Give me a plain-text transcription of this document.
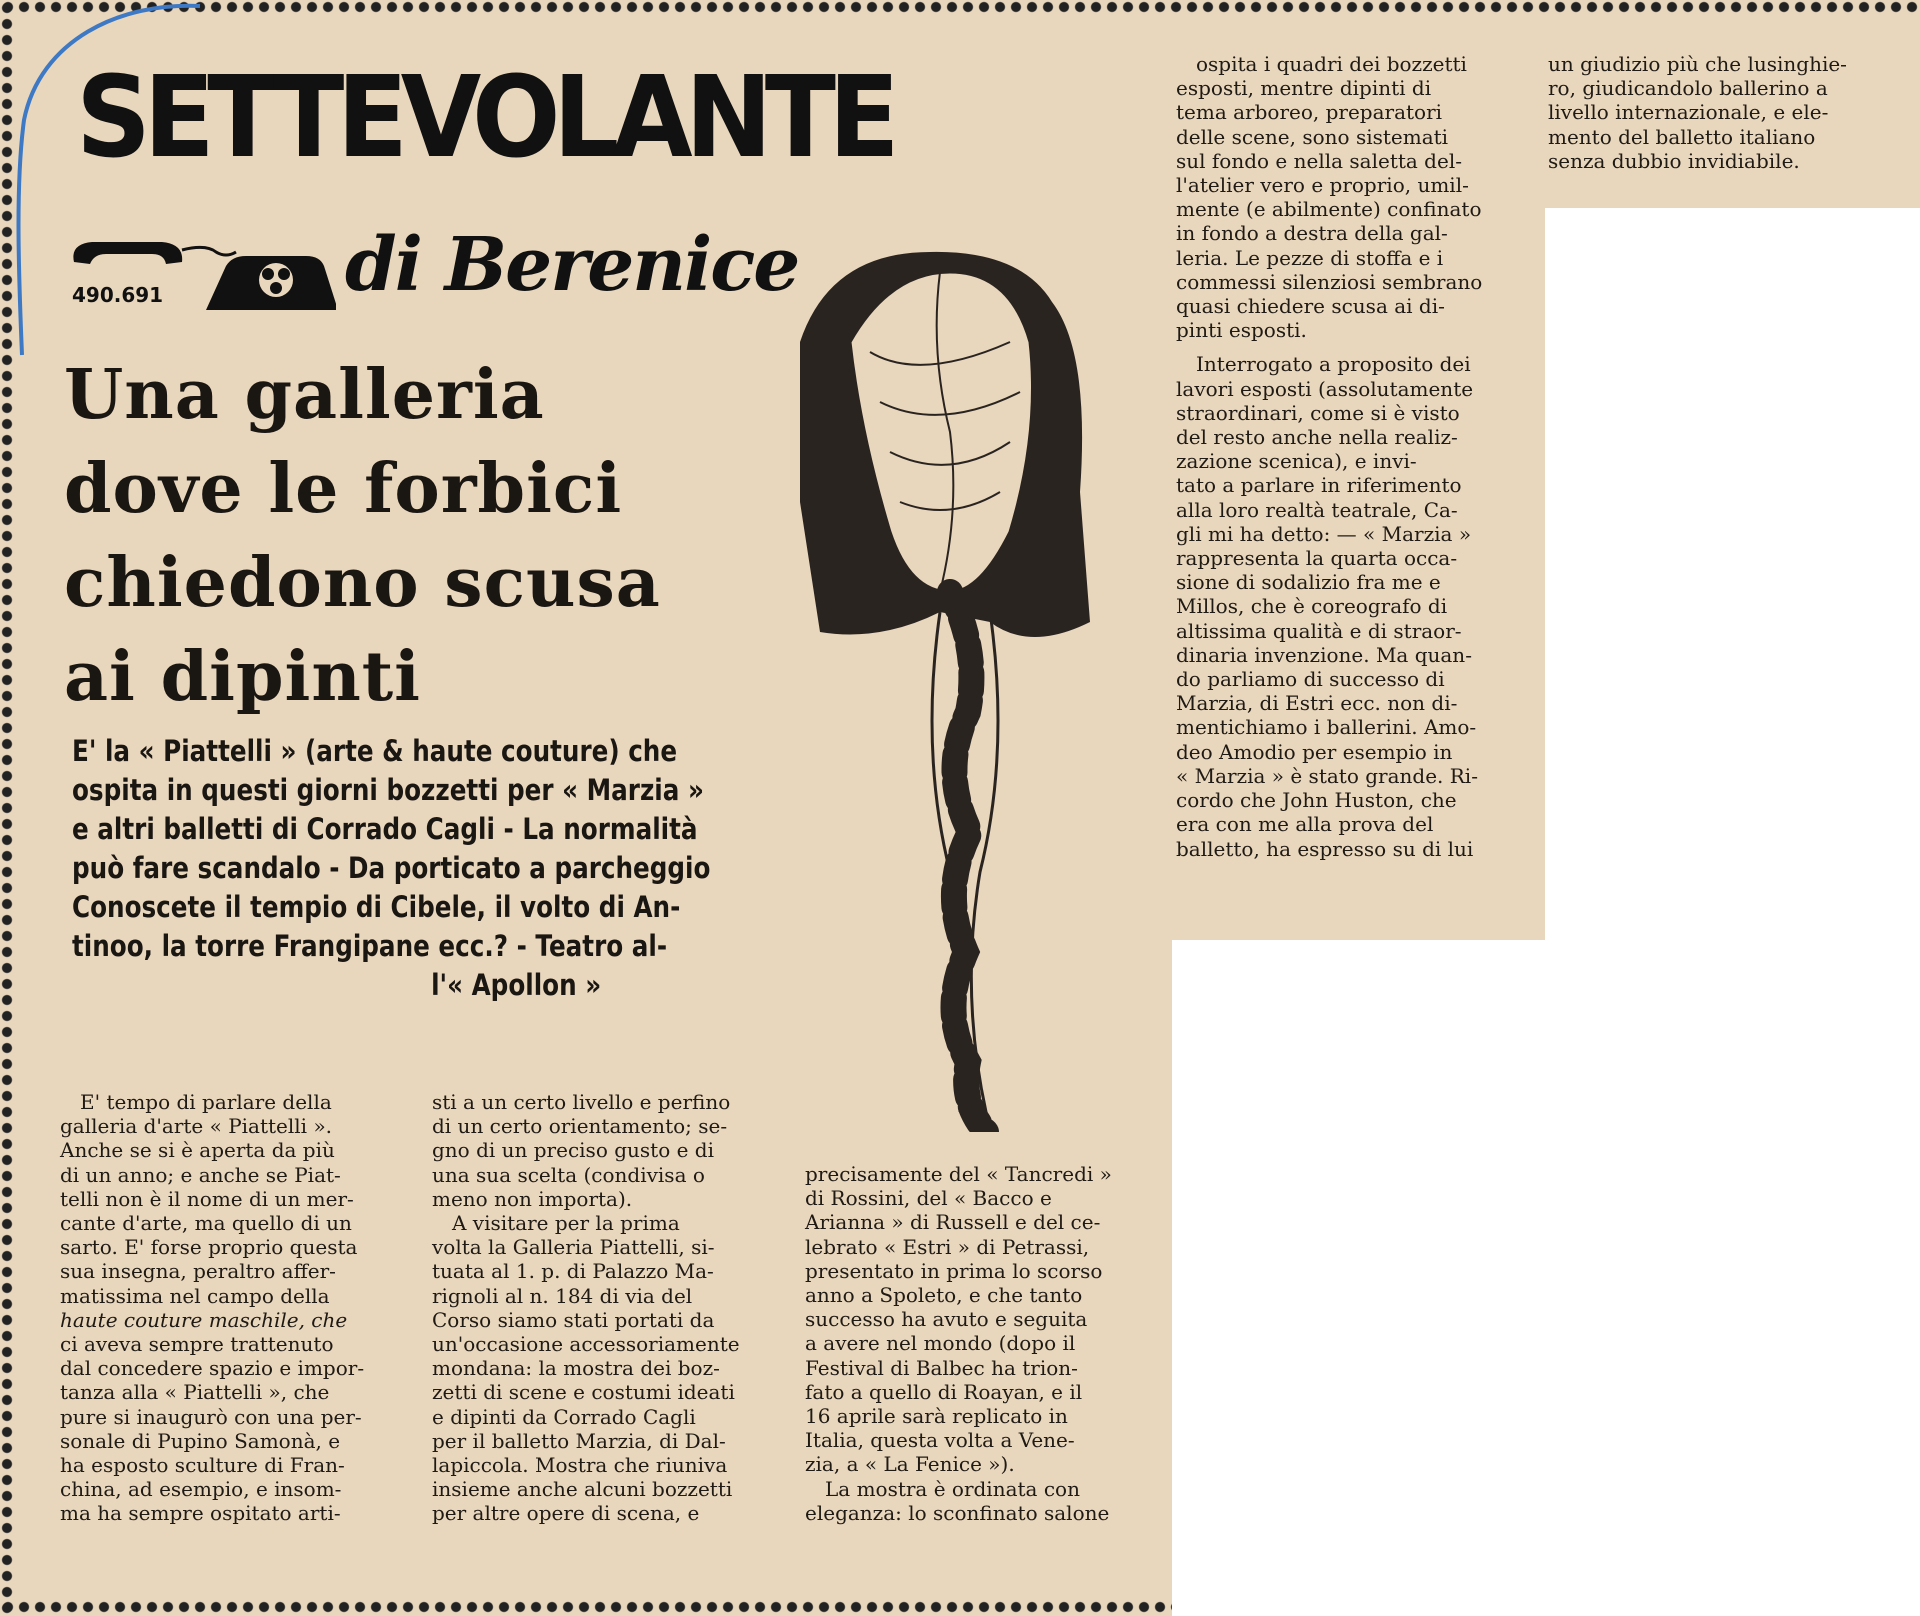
SETTEVOLANTE
490.691 di Berenice
Una galleria
dove le forbici
chiedono scusa
ai dipinti
E' la « Piattelli » (arte & haute couture) che
ospita in questi giorni bozzetti per « Marzia »
e altri balletti di Corrado Cagli - La normalità
può fare scandalo - Da porticato a parcheggio
Conoscete il tempio di Cibele, il volto di An-
tinoo, la torre Frangipane ecc.? - Teatro al-
l'« Apollon »
E' tempo di parlare della
galleria d'arte « Piattelli ».
Anche se si è aperta da più
di un anno; e anche se Piat-
telli non è il nome di un mer-
cante d'arte, ma quello di un
sarto. E' forse proprio questa
sua insegna, peraltro affer-
matissima nel campo della
haute couture maschile, che
ci aveva sempre trattenuto
dal concedere spazio e impor-
tanza alla « Piattelli », che
pure si inaugurò con una per-
sonale di Pupino Samonà, e
ha esposto sculture di Fran-
china, ad esempio, e insom-
ma ha sempre ospitato arti-
sti a un certo livello e perfino
di un certo orientamento; se-
gno di un preciso gusto e di
una sua scelta (condivisa o
meno non importa).
A visitare per la prima
volta la Galleria Piattelli, si-
tuata al 1. p. di Palazzo Ma-
rignoli al n. 184 di via del
Corso siamo stati portati da
un'occasione accessoriamente
mondana: la mostra dei boz-
zetti di scene e costumi ideati
e dipinti da Corrado Cagli
per il balletto Marzia, di Dal-
lapiccola. Mostra che riuniva
insieme anche alcuni bozzetti
per altre opere di scena, e
precisamente del « Tancredi »
di Rossini, del « Bacco e
Arianna » di Russell e del ce-
lebrato « Estri » di Petrassi,
presentato in prima lo scorso
anno a Spoleto, e che tanto
successo ha avuto e seguita
a avere nel mondo (dopo il
Festival di Balbec ha trion-
fato a quello di Roayan, e il
16 aprile sarà replicato in
Italia, questa volta a Vene-
zia, a « La Fenice »).
La mostra è ordinata con
eleganza: lo sconfinato salone
ospita i quadri dei bozzetti
esposti, mentre dipinti di
tema arboreo, preparatori
delle scene, sono sistemati
sul fondo e nella saletta del-
l'atelier vero e proprio, umil-
mente (e abilmente) confinato
in fondo a destra della gal-
leria. Le pezze di stoffa e i
commessi silenziosi sembrano
quasi chiedere scusa ai di-
pinti esposti.
Interrogato a proposito dei
lavori esposti (assolutamente
straordinari, come si è visto
del resto anche nella realiz-
zazione scenica), e invi-
tato a parlare in riferimento
alla loro realtà teatrale, Ca-
gli mi ha detto: — « Marzia »
rappresenta la quarta occa-
sione di sodalizio fra me e
Millos, che è coreografo di
altissima qualità e di straor-
dinaria invenzione. Ma quan-
do parliamo di successo di
Marzia, di Estri ecc. non di-
mentichiamo i ballerini. Amo-
deo Amodio per esempio in
« Marzia » è stato grande. Ri-
cordo che John Huston, che
era con me alla prova del
balletto, ha espresso su di lui
un giudizio più che lusinghie-
ro, giudicandolo ballerino a
livello internazionale, e ele-
mento del balletto italiano
senza dubbio invidiabile.
